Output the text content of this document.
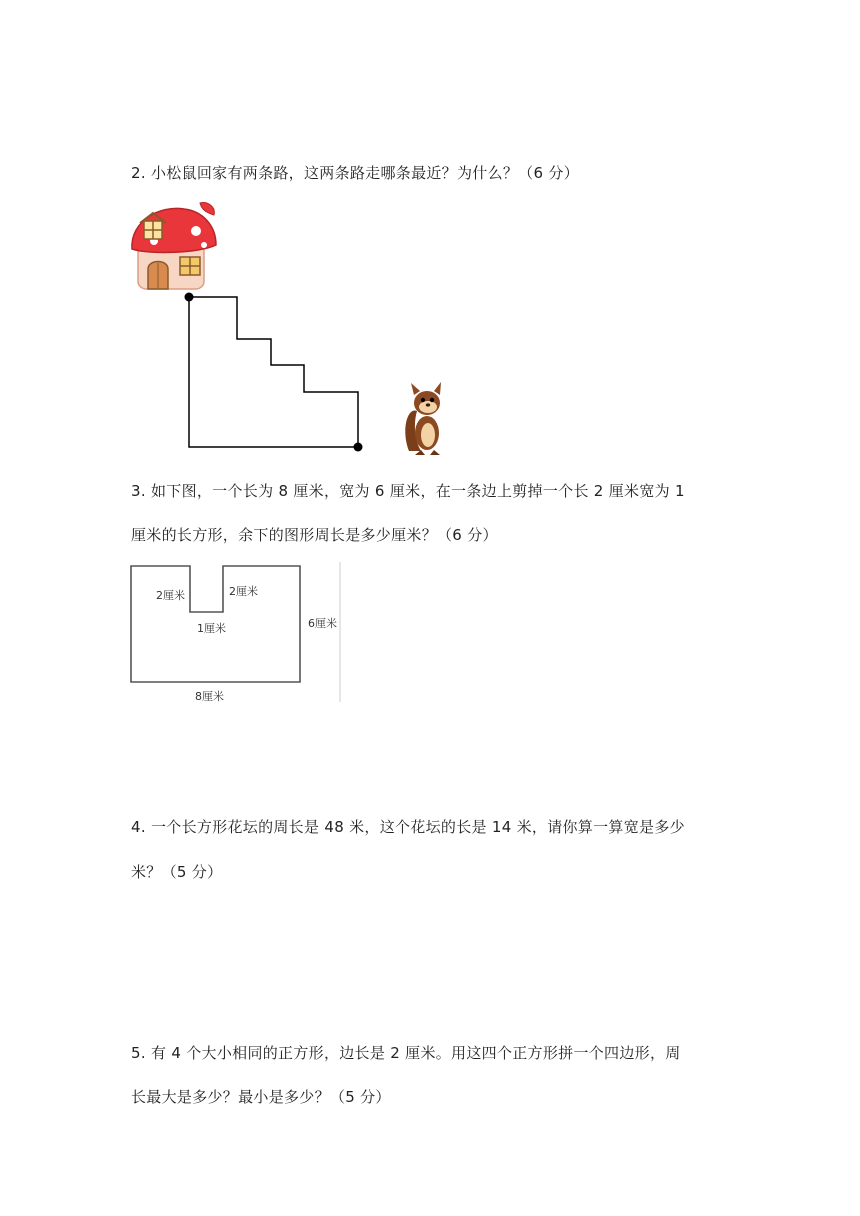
2. 小松鼠回家有两条路，这两条路走哪条最近？为什么？（6 分）
3. 如下图，一个长为 8 厘米，宽为 6 厘米，在一条边上剪掉一个长 2 厘米宽为 1
厘米的长方形，余下的图形周长是多少厘米？（6 分）
2厘米	2厘米
1厘米	6厘米
8厘米
4. 一个长方形花坛的周长是 48 米，这个花坛的长是 14 米，请你算一算宽是多少
米？（5 分）
5. 有 4 个大小相同的正方形，边长是 2 厘米。用这四个正方形拼一个四边形，周
长最大是多少？最小是多少？（5 分）
